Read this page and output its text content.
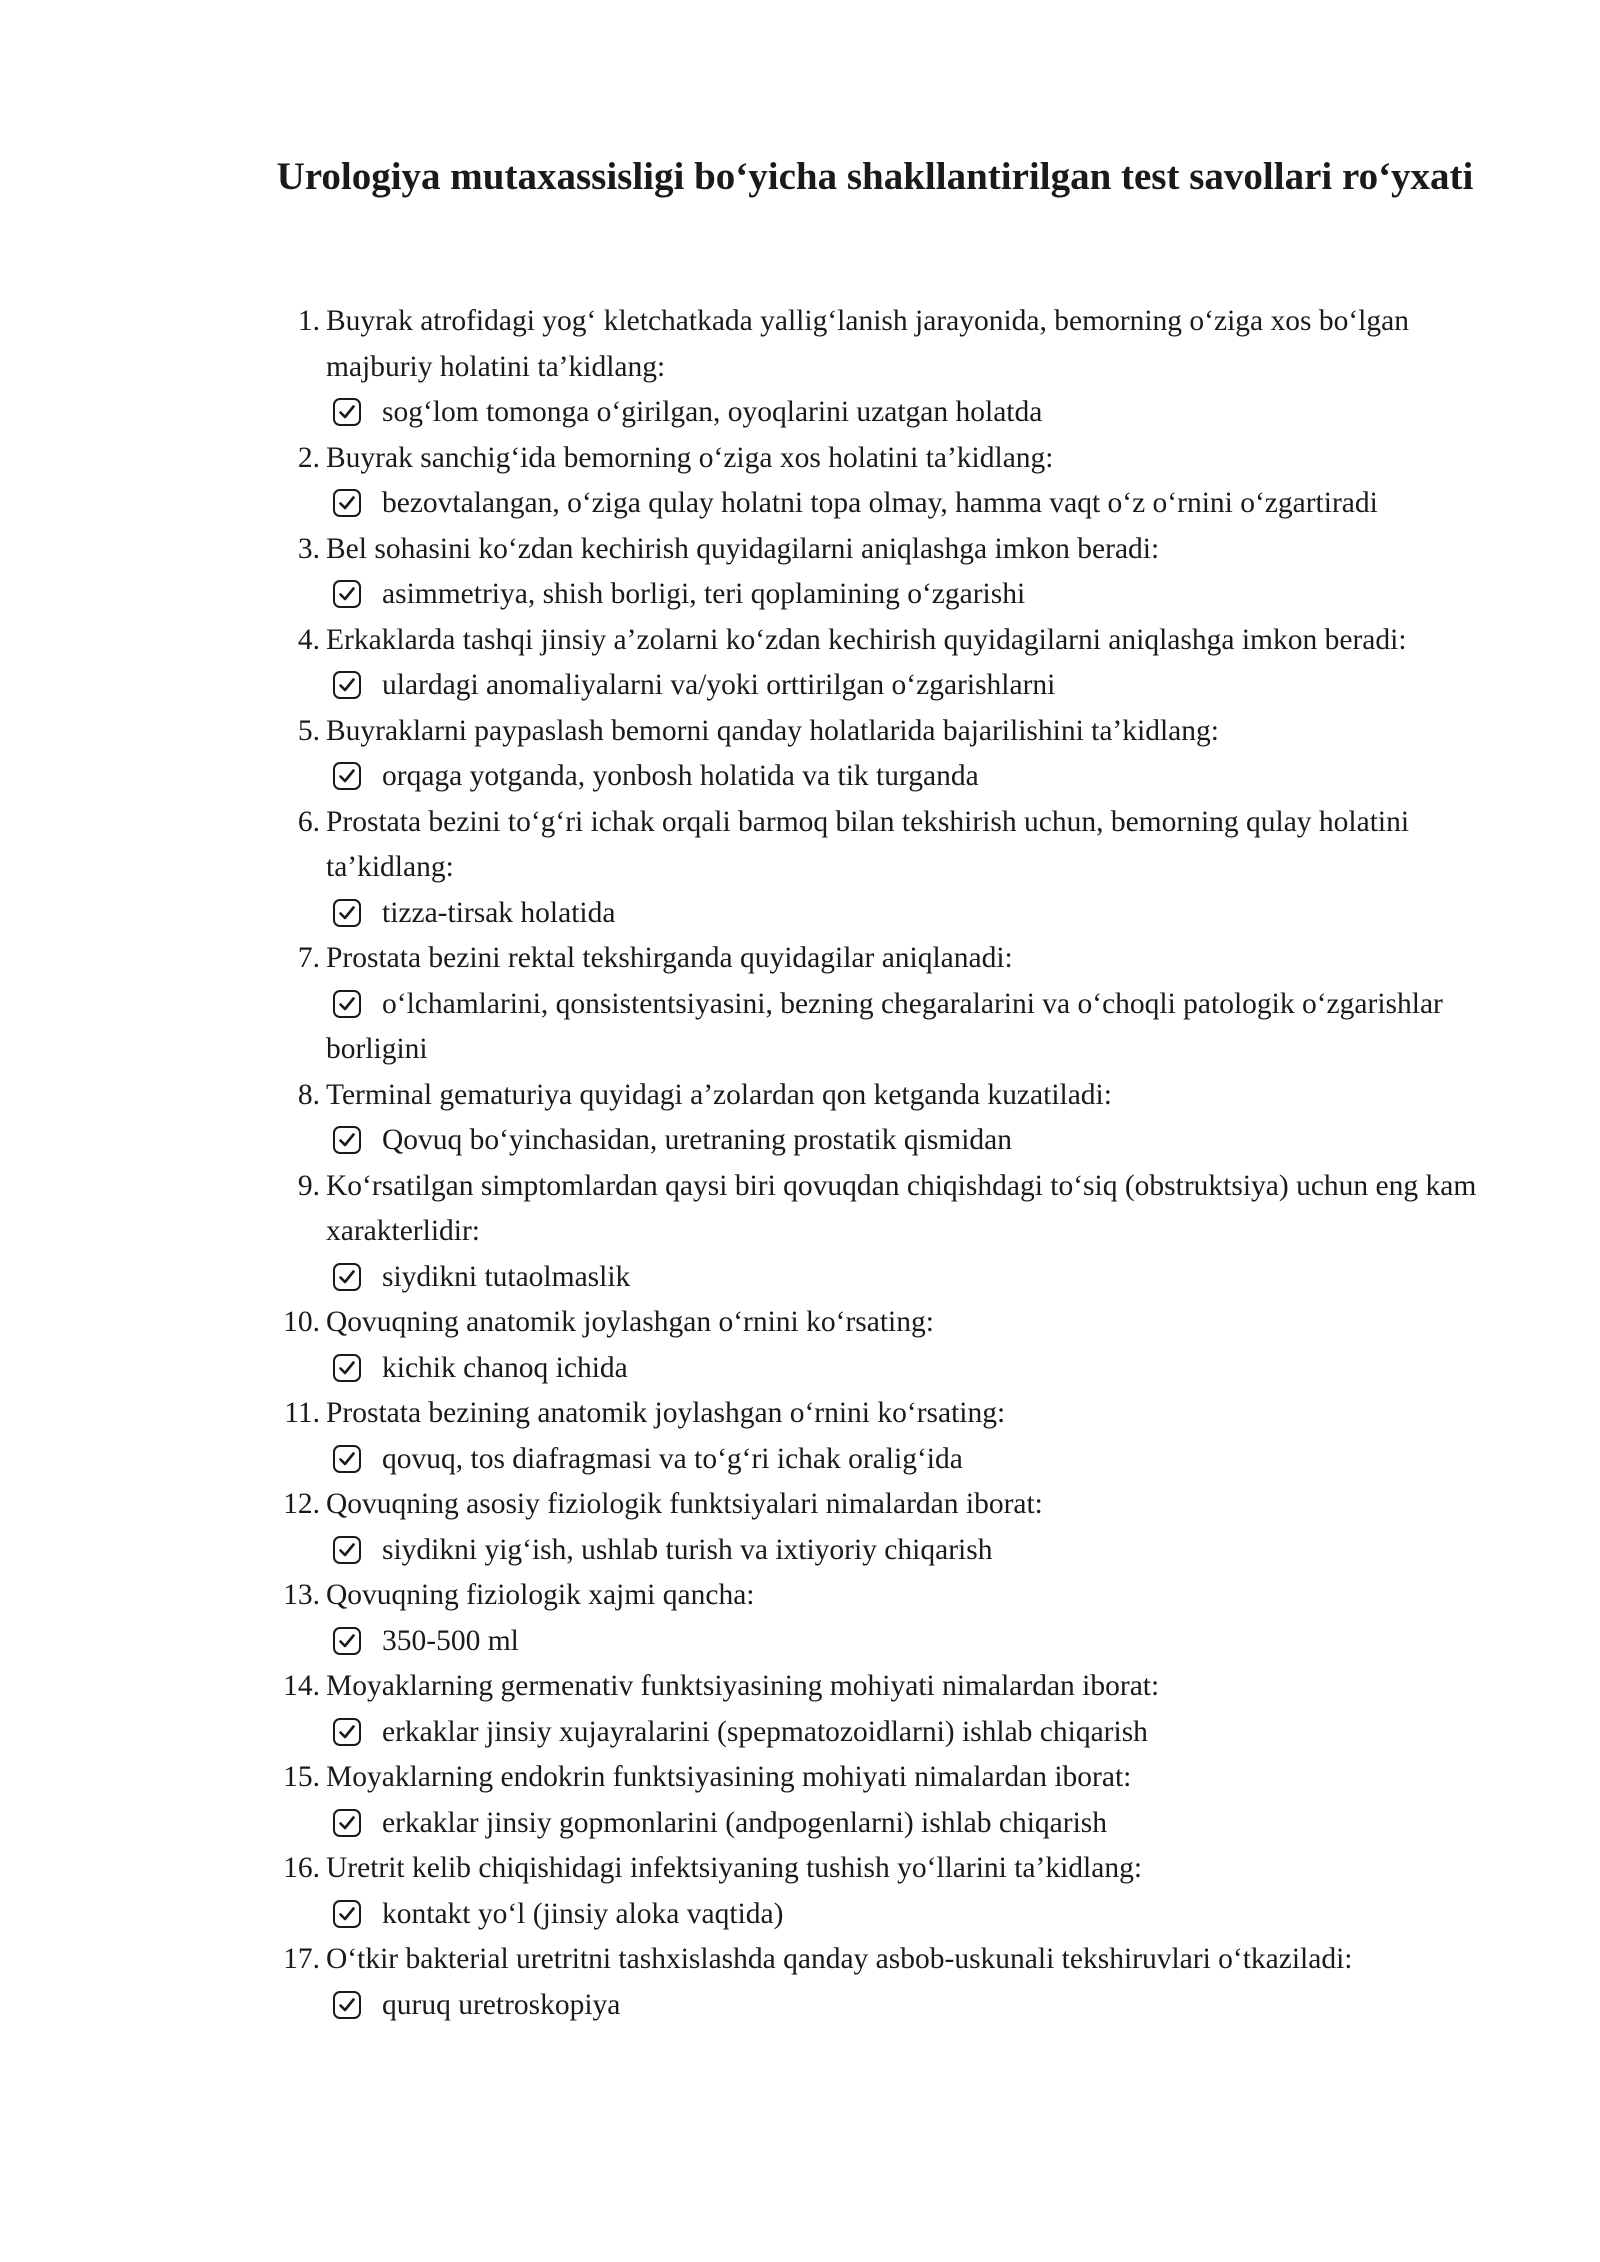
Urologiya mutaxassisligi bo‘yicha shakllantirilgan test savollari ro‘yxati
1. Buyrak atrofidagi yog‘ kletchatkada yallig‘lanish jarayonida, bemorning o‘ziga xos bo‘lgan majburiy holatini ta’kidlang:
sog‘lom tomonga o‘girilgan, oyoqlarini uzatgan holatda
2. Buyrak sanchig‘ida bemorning o‘ziga xos holatini ta’kidlang:
bezovtalangan, o‘ziga qulay holatni topa olmay, hamma vaqt o‘z o‘rnini o‘zgartiradi
3. Bel sohasini ko‘zdan kechirish quyidagilarni aniqlashga imkon beradi:
asimmetriya, shish borligi, teri qoplamining o‘zgarishi
4. Erkaklarda tashqi jinsiy a’zolarni ko‘zdan kechirish quyidagilarni aniqlashga imkon beradi:
ulardagi anomaliyalarni va/yoki orttirilgan o‘zgarishlarni
5. Buyraklarni paypaslash bemorni qanday holatlarida bajarilishini ta’kidlang:
orqaga yotganda, yonbosh holatida va tik turganda
6. Prostata bezini to‘g‘ri ichak orqali barmoq bilan tekshirish uchun, bemorning qulay holatini ta’kidlang:
tizza-tirsak holatida
7. Prostata bezini rektal tekshirganda quyidagilar aniqlanadi:
o‘lchamlarini, qonsistentsiyasini, bezning chegaralarini va o‘choqli patologik o‘zgarishlar borligini
8. Terminal gematuriya quyidagi a’zolardan qon ketganda kuzatiladi:
Qovuq bo‘yinchasidan, uretraning prostatik qismidan
9. Ko‘rsatilgan simptomlardan qaysi biri qovuqdan chiqishdagi to‘siq (obstruktsiya) uchun eng kam xarakterlidir:
siydikni tutaolmaslik
10. Qovuqning anatomik joylashgan o‘rnini ko‘rsating:
kichik chanoq ichida
11. Prostata bezining anatomik joylashgan o‘rnini ko‘rsating:
qovuq, tos diafragmasi va to‘g‘ri ichak oralig‘ida
12. Qovuqning asosiy fiziologik funktsiyalari nimalardan iborat:
siydikni yig‘ish, ushlab turish va ixtiyoriy chiqarish
13. Qovuqning fiziologik xajmi qancha:
350-500 ml
14. Moyaklarning germenativ funktsiyasining mohiyati nimalardan iborat:
erkaklar jinsiy xujayralarini (spepmatozoidlarni) ishlab chiqarish
15. Moyaklarning endokrin funktsiyasining mohiyati nimalardan iborat:
erkaklar jinsiy gopmonlarini (andpogenlarni) ishlab chiqarish
16. Uretrit kelib chiqishidagi infektsiyaning tushish yo‘llarini ta’kidlang:
kontakt yo‘l (jinsiy aloka vaqtida)
17. O‘tkir bakterial uretritni tashxislashda qanday asbob-uskunali tekshiruvlari o‘tkaziladi:
quruq uretroskopiya
